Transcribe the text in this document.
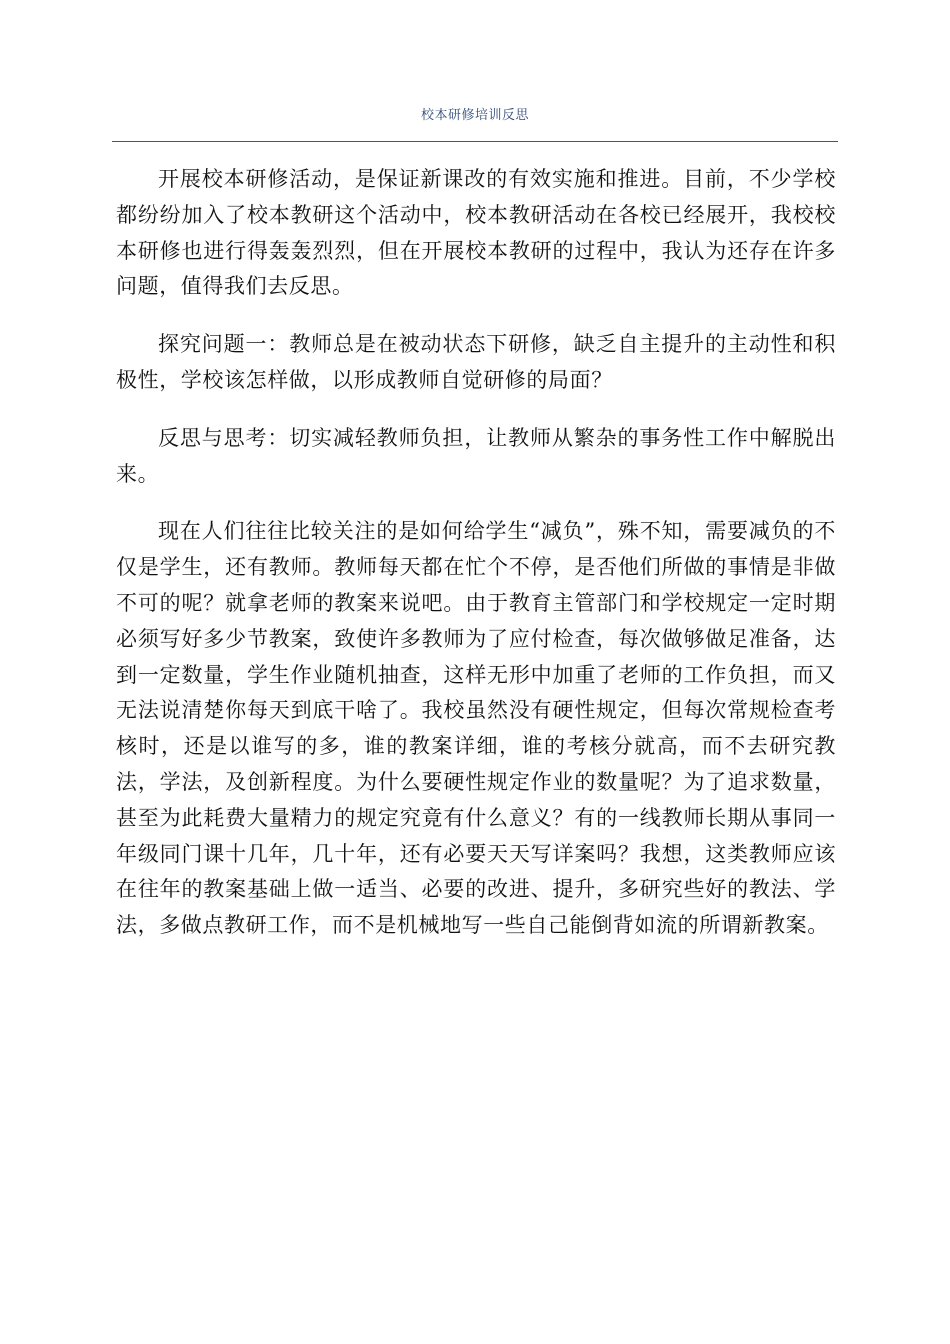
校本研修培训反思

开展校本研修活动，是保证新课改的有效实施和推进。目前，不少学校都纷纷加入了校本教研这个活动中，校本教研活动在各校已经展开，我校校本研修也进行得轰轰烈烈，但在开展校本教研的过程中，我认为还存在许多问题，值得我们去反思。

探究问题一：教师总是在被动状态下研修，缺乏自主提升的主动性和积极性，学校该怎样做，以形成教师自觉研修的局面？

反思与思考：切实减轻教师负担，让教师从繁杂的事务性工作中解脱出来。

现在人们往往比较关注的是如何给学生“减负”，殊不知，需要减负的不仅是学生，还有教师。教师每天都在忙个不停，是否他们所做的事情是非做不可的呢？就拿老师的教案来说吧。由于教育主管部门和学校规定一定时期必须写好多少节教案，致使许多教师为了应付检查，每次做够做足准备，达到一定数量，学生作业随机抽查，这样无形中加重了老师的工作负担，而又无法说清楚你每天到底干啥了。我校虽然没有硬性规定，但每次常规检查考核时，还是以谁写的多，谁的教案详细，谁的考核分就高，而不去研究教法，学法，及创新程度。为什么要硬性规定作业的数量呢？为了追求数量，甚至为此耗费大量精力的规定究竟有什么意义？有的一线教师长期从事同一年级同门课十几年，几十年，还有必要天天写详案吗？我想，这类教师应该在往年的教案基础上做一适当、必要的改进、提升，多研究些好的教法、学法，多做点教研工作，而不是机械地写一些自己能倒背如流的所谓新教案。
